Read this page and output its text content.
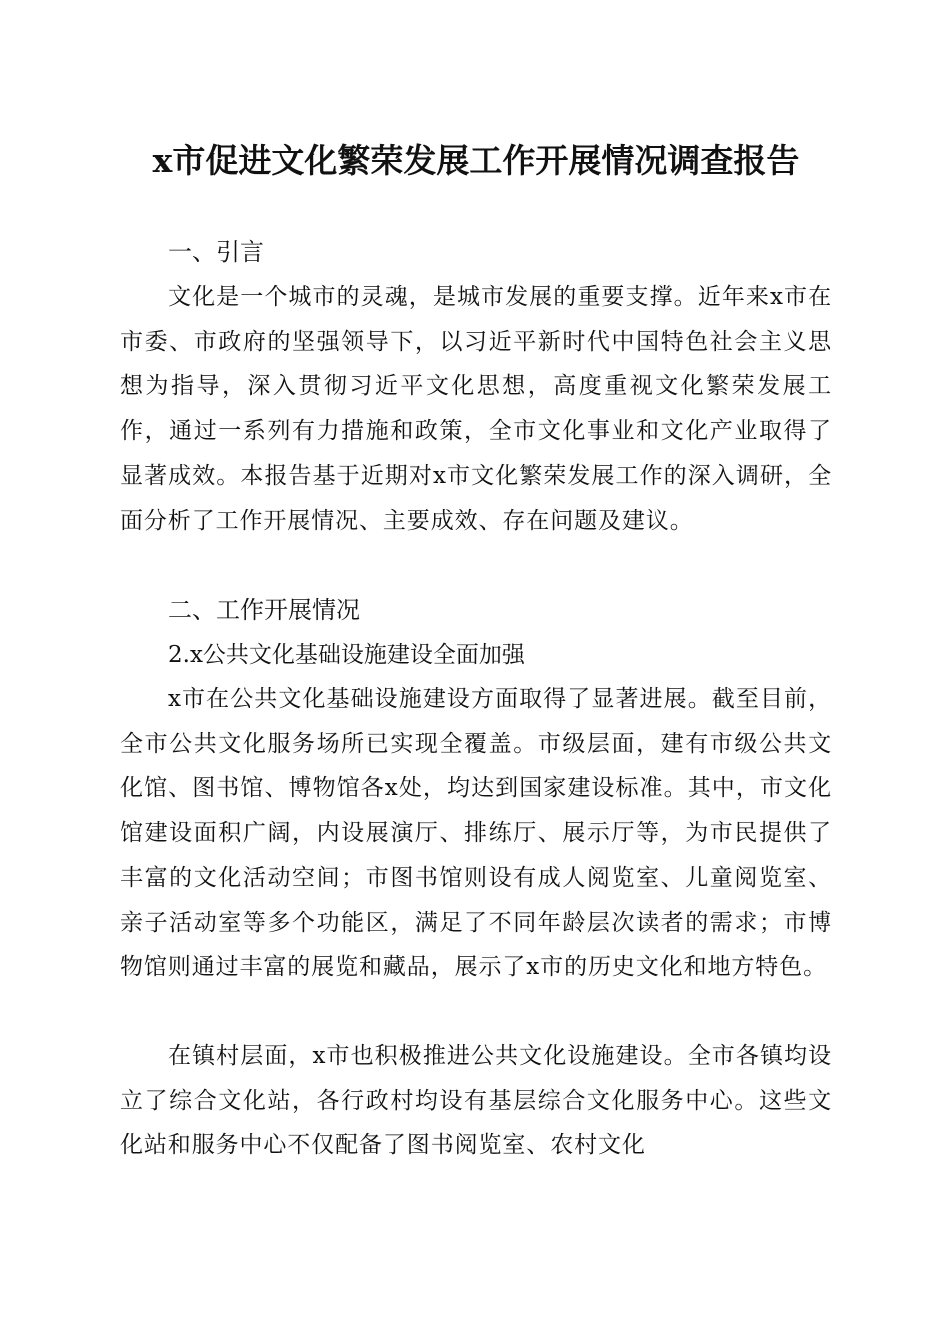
x市促进文化繁荣发展工作开展情况调查报告
一、引言
文化是一个城市的灵魂，是城市发展的重要支撑。近年来x市在市委、市政府的坚强领导下，以习近平新时代中国特色社会主义思想为指导，深入贯彻习近平文化思想，高度重视文化繁荣发展工作，通过一系列有力措施和政策，全市文化事业和文化产业取得了显著成效。本报告基于近期对x市文化繁荣发展工作的深入调研，全面分析了工作开展情况、主要成效、存在问题及建议。
二、工作开展情况
2.x公共文化基础设施建设全面加强
x市在公共文化基础设施建设方面取得了显著进展。截至目前，全市公共文化服务场所已实现全覆盖。市级层面，建有市级公共文化馆、图书馆、博物馆各x处，均达到国家建设标准。其中，市文化馆建设面积广阔，内设展演厅、排练厅、展示厅等，为市民提供了丰富的文化活动空间；市图书馆则设有成人阅览室、儿童阅览室、亲子活动室等多个功能区，满足了不同年龄层次读者的需求；市博物馆则通过丰富的展览和藏品，展示了x市的历史文化和地方特色。
在镇村层面，x市也积极推进公共文化设施建设。全市各镇均设立了综合文化站，各行政村均设有基层综合文化服务中心。这些文化站和服务中心不仅配备了图书阅览室、农村文化
